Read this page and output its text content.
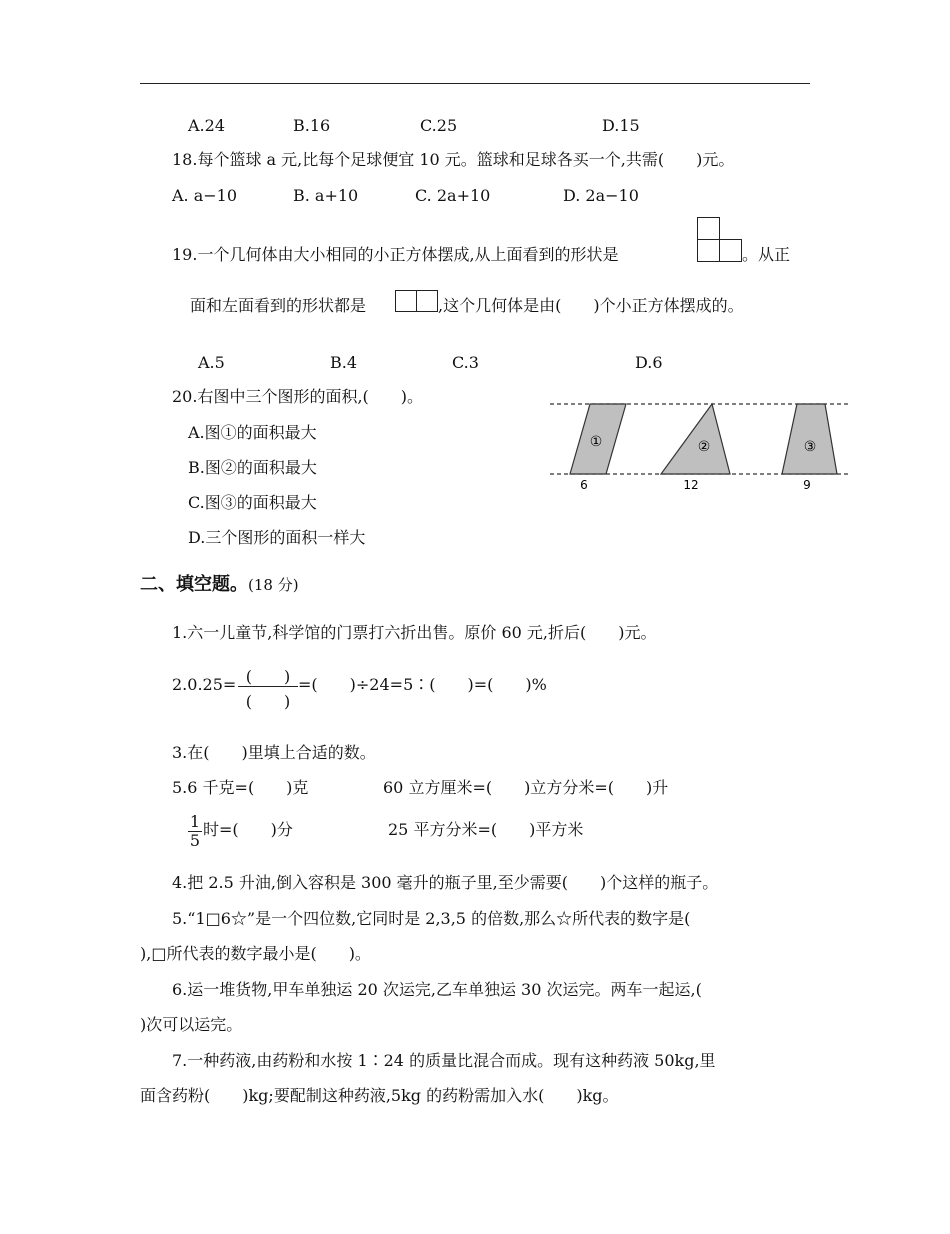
A.24	B.16	C.25	D.15
18.每个篮球 a 元,比每个足球便宜 10 元。篮球和足球各买一个,共需(　　)元。
A. a−10	B. a+10	C. 2a+10	D. 2a−10
19.一个几何体由大小相同的小正方体摆成,从上面看到的形状是	。从正
面和左面看到的形状都是	,这个几何体是由(　　)个小正方体摆成的。
A.5	B.4	C.3	D.6
20.右图中三个图形的面积,(　　)。
A.图①的面积最大
B.图②的面积最大
C.图③的面积最大
D.三个图形的面积一样大
①	②	③
6	12	9
二、填空题。(18 分)
1.六一儿童节,科学馆的门票打六折出售。原价 60 元,折后(　　)元。
2.0.25= (　　)
(　　)
=(　　)÷24=5∶(　　)=(　　)%
3.在(　　)里填上合适的数。
5.6 千克=(　　)克	60 立方厘米=(　　)立方分米=(　　)升
$\frac{1}{5}$ 时=(　　)分	25 平方分米=(　　)平方米
4.把 2.5 升油,倒入容积是 300 毫升的瓶子里,至少需要(　　)个这样的瓶子。
5.“1□6☆”是一个四位数,它同时是 2,3,5 的倍数,那么☆所代表的数字是(
),□所代表的数字最小是(　　)。
6.运一堆货物,甲车单独运 20 次运完,乙车单独运 30 次运完。两车一起运,(
)次可以运完。
7.一种药液,由药粉和水按 1∶24 的质量比混合而成。现有这种药液 50kg,里
面含药粉(　　)kg;要配制这种药液,5kg 的药粉需加入水(　　)kg。
